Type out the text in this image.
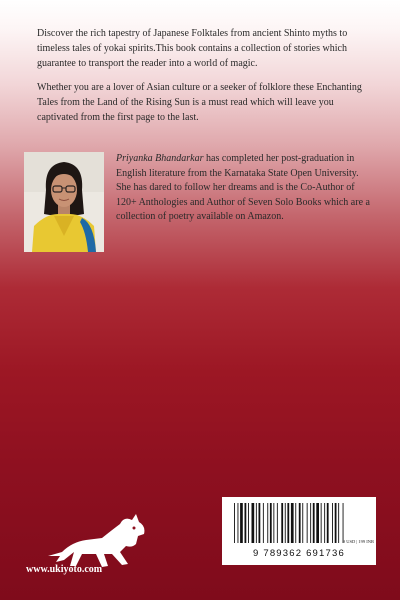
Discover the rich tapestry of Japanese Folktales from ancient Shinto myths to timeless tales of yokai spirits.This book contains a collection of stories which guarantee to transport the reader into a world of magic.

Whether you are a lover of Asian culture or a seeker of folklore these Enchanting Tales from the Land of the Rising Sun is a must read which will leave you captivated from the first page to the last.

Priyanka Bhandarkar has completed her post-graduation in English literature from the Karnataka State Open University. She has dared to follow her dreams and is the Co-Author of 120+ Anthologies and Author of Seven Solo Books which are a collection of poetry available on Amazon.
www.ukiyoto.com
9 USD | 199 INR
9 789362 691736
